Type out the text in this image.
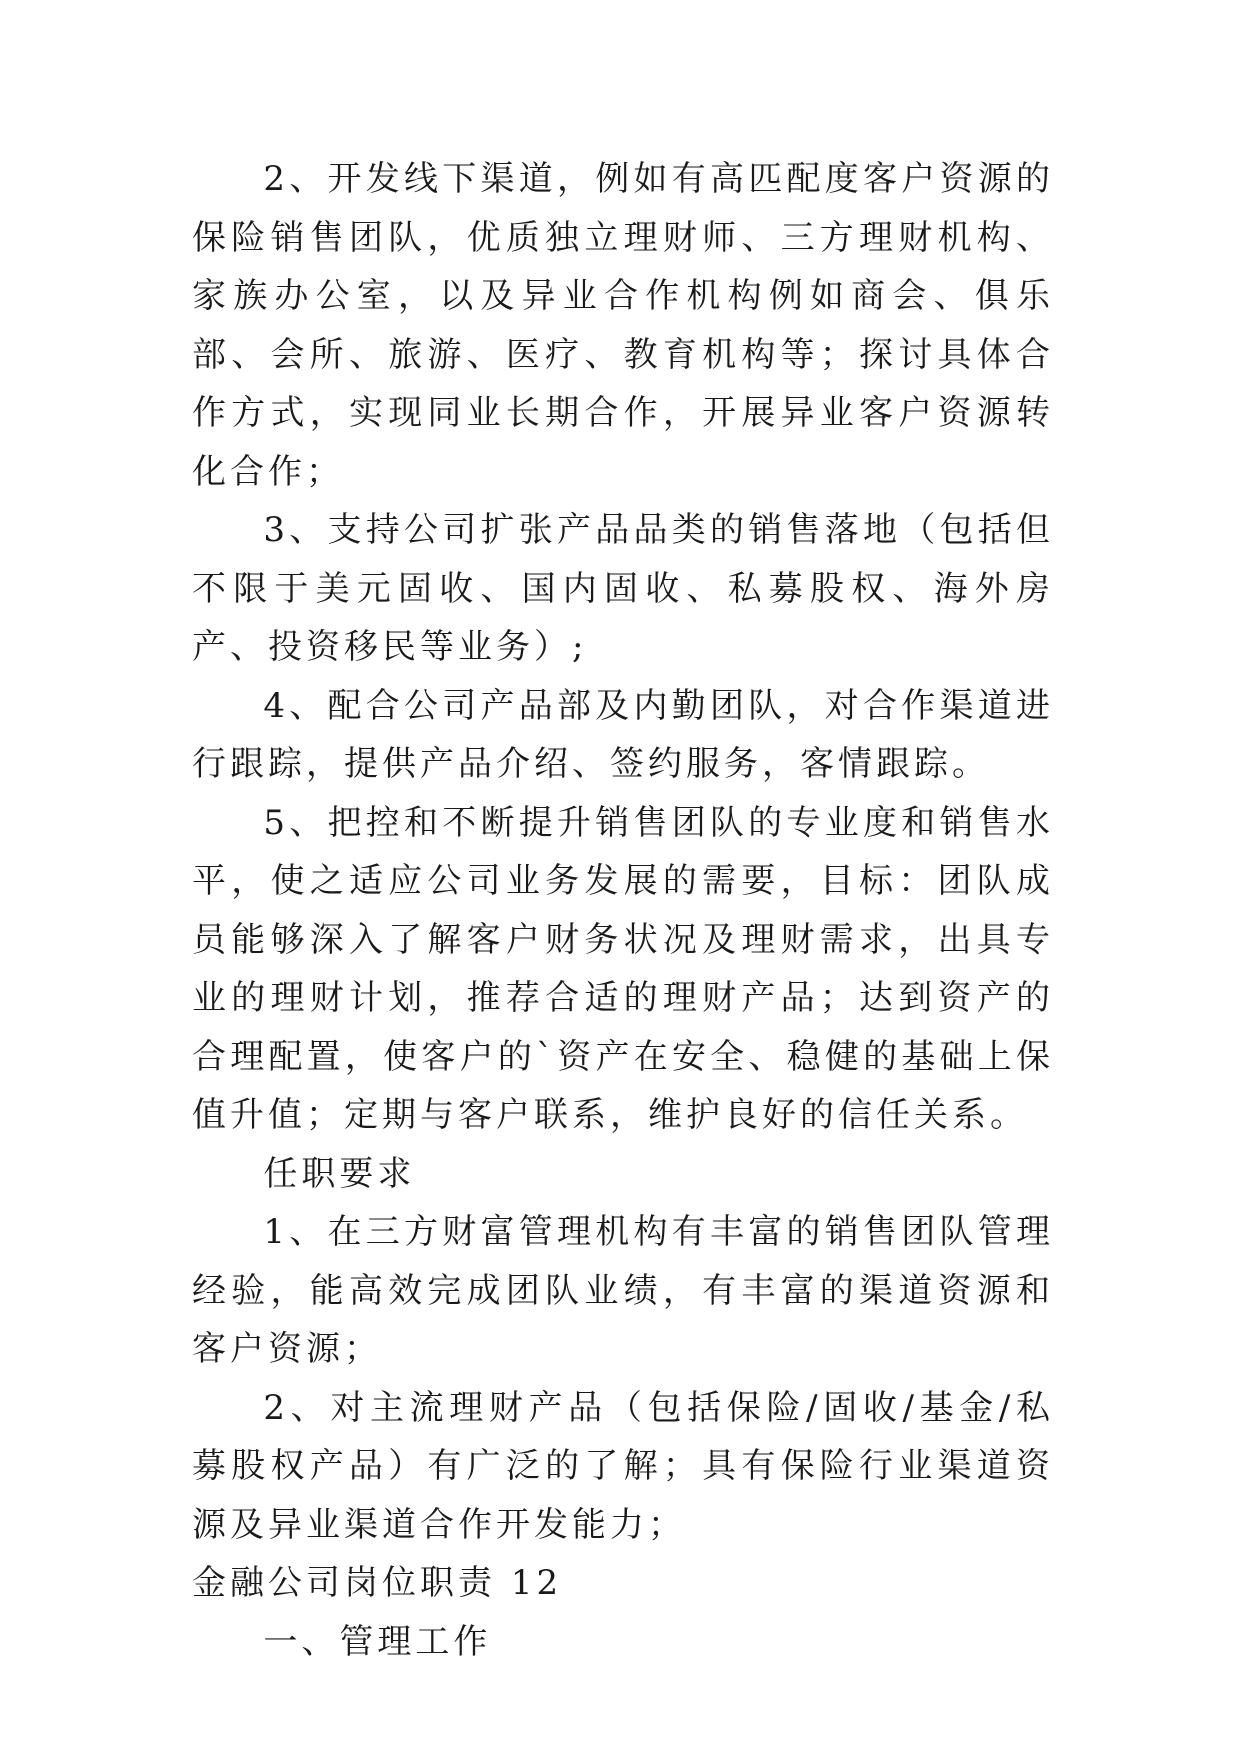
2、开发线下渠道，例如有高匹配度客户资源的保险销售团队，优质独立理财师、三方理财机构、家族办公室，以及异业合作机构例如商会、俱乐部、会所、旅游、医疗、教育机构等；探讨具体合作方式，实现同业长期合作，开展异业客户资源转化合作；

3、支持公司扩张产品品类的销售落地（包括但不限于美元固收、国内固收、私募股权、海外房产、投资移民等业务）;

4、配合公司产品部及内勤团队，对合作渠道进行跟踪，提供产品介绍、签约服务，客情跟踪。

5、把控和不断提升销售团队的专业度和销售水平，使之适应公司业务发展的需要，目标：团队成员能够深入了解客户财务状况及理财需求，出具专业的理财计划，推荐合适的理财产品；达到资产的合理配置，使客户的`资产在安全、稳健的基础上保值升值；定期与客户联系，维护良好的信任关系。

任职要求

1、在三方财富管理机构有丰富的销售团队管理经验，能高效完成团队业绩，有丰富的渠道资源和客户资源；

2、对主流理财产品（包括保险/固收/基金/私募股权产品）有广泛的了解；具有保险行业渠道资源及异业渠道合作开发能力；

金融公司岗位职责 12

一、管理工作
